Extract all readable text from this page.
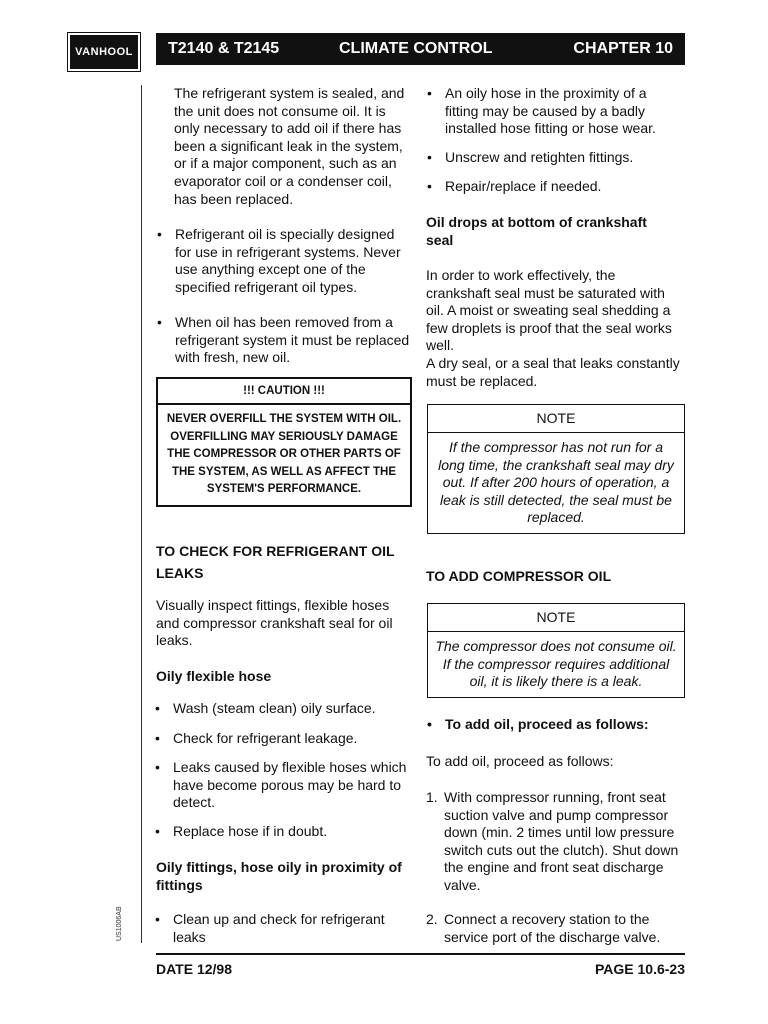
VANHOOL	T2140 & T2145	CLIMATE CONTROL	CHAPTER 10
US1006AB

The refrigerant system is sealed, and the unit does not consume oil. It is only necessary to add oil if there has been a significant leak in the system, or if a major component, such as an evaporator coil or a condenser coil, has been replaced.

• Refrigerant oil is specially designed for use in refrigerant systems. Never use anything except one of the specified refrigerant oil types.
• When oil has been removed from a refrigerant system it must be replaced with fresh, new oil.
!!! CAUTION !!!
NEVER OVERFILL THE SYSTEM WITH OIL. OVERFILLING MAY SERIOUSLY DAMAGE THE COMPRESSOR OR OTHER PARTS OF THE SYSTEM, AS WELL AS AFFECT THE SYSTEM'S PERFORMANCE.

TO CHECK FOR REFRIGERANT OIL LEAKS

Visually inspect fittings, flexible hoses and compressor crankshaft seal for oil leaks.

Oily flexible hose

• Wash (steam clean) oily surface.
• Check for refrigerant leakage.
• Leaks caused by flexible hoses which have become porous may be hard to detect.
• Replace hose if in doubt.

Oily fittings, hose oily in proximity of fittings

• Clean up and check for refrigerant leaks
• An oily hose in the proximity of a fitting may be caused by a badly installed hose fitting or hose wear.
• Unscrew and retighten fittings.
• Repair/replace if needed.

Oil drops at bottom of crankshaft seal

In order to work effectively, the crankshaft seal must be saturated with oil. A moist or sweating seal shedding a few droplets is proof that the seal works well.

A dry seal, or a seal that leaks constantly must be replaced.

NOTE
If the compressor has not run for a long time, the crankshaft seal may dry out. If after 200 hours of operation, a leak is still detected, the seal must be replaced.

TO ADD COMPRESSOR OIL

NOTE
The compressor does not consume oil. If the compressor requires additional oil, it is likely there is a leak.
• To add oil, proceed as follows:

To add oil, proceed as follows:

1. With compressor running, front seat suction valve and pump compressor down (min. 2 times until low pressure switch cuts out the clutch). Shut down the engine and front seat discharge valve.
2. Connect a recovery station to the service port of the discharge valve.
DATE 12/98	PAGE 10.6-23
